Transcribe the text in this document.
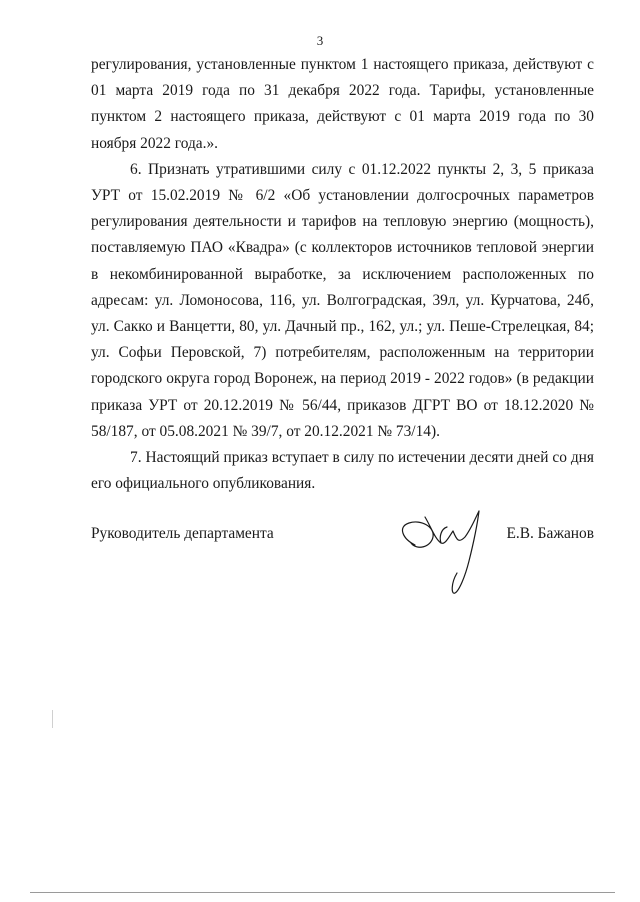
3

регулирования, установленные пунктом 1 настоящего приказа, действуют с 01 марта 2019 года по 31 декабря 2022 года. Тарифы, установленные пунктом 2 настоящего приказа, действуют с 01 марта 2019 года по 30 ноября 2022 года.».

6. Признать утратившими силу с 01.12.2022 пункты 2, 3, 5 приказа УРТ от 15.02.2019 № 6/2 «Об установлении долгосрочных параметров регулирования деятельности и тарифов на тепловую энергию (мощность), поставляемую ПАО «Квадра» (с коллекторов источников тепловой энергии в некомбинированной выработке, за исключением расположенных по адресам: ул. Ломоносова, 116, ул. Волгоградская, 39л, ул. Курчатова, 24б, ул. Сакко и Ванцетти, 80, ул. Дачный пр., 162, ул.; ул. Пеше-Стрелецкая, 84; ул. Софьи Перовской, 7) потребителям, расположенным на территории городского округа город Воронеж, на период 2019 - 2022 годов» (в редакции приказа УРТ от 20.12.2019 № 56/44, приказов ДГРТ ВО от 18.12.2020 № 58/187, от 05.08.2021 № 39/7, от 20.12.2021 № 73/14).

7. Настоящий приказ вступает в силу по истечении десяти дней со дня его официального опубликования.

Руководитель департамента	Е.В. Бажанов
